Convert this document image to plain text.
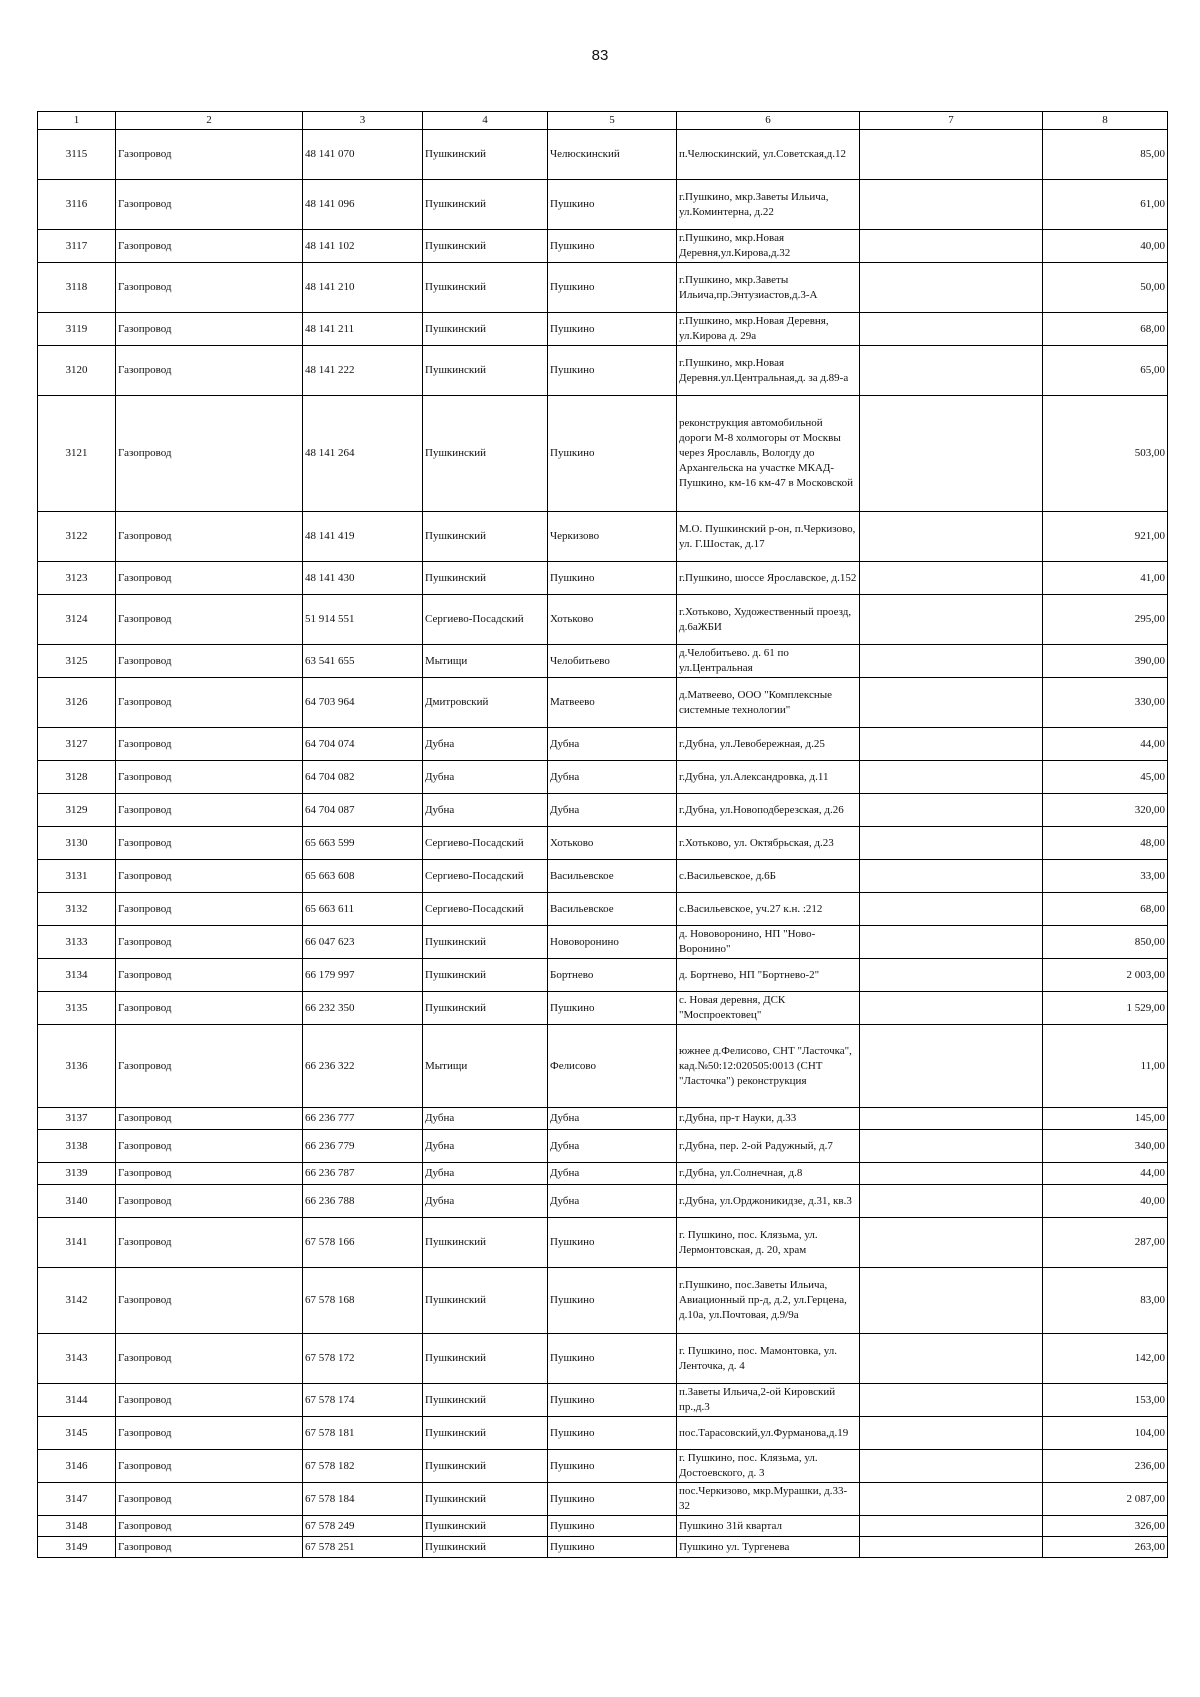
83
1	2	3	4	5	6	7	8
3115	Газопровод	48 141 070	Пушкинский	Челюскинский	п.Челюскинский, ул.Советская,д.12		85,00
3116	Газопровод	48 141 096	Пушкинский	Пушкино	г.Пушкино, мкр.Заветы Ильича, ул.Коминтерна, д.22		61,00
3117	Газопровод	48 141 102	Пушкинский	Пушкино	г.Пушкино, мкр.Новая Деревня,ул.Кирова,д.32		40,00
3118	Газопровод	48 141 210	Пушкинский	Пушкино	г.Пушкино, мкр.Заветы Ильича,пр.Энтузиастов,д.3-А		50,00
3119	Газопровод	48 141 211	Пушкинский	Пушкино	г.Пушкино, мкр.Новая Деревня, ул.Кирова д. 29а		68,00
3120	Газопровод	48 141 222	Пушкинский	Пушкино	г.Пушкино, мкр.Новая Деревня.ул.Центральная,д. за д.89-а		65,00
3121	Газопровод	48 141 264	Пушкинский	Пушкино	реконструкция автомобильной дороги М-8 холмогоры от Москвы через Ярославль, Вологду до Архангельска на участке МКАД-Пушкино, км-16 км-47 в Московской		503,00
3122	Газопровод	48 141 419	Пушкинский	Черкизово	М.О. Пушкинский р-он, п.Черкизово, ул. Г.Шостак, д.17		921,00
3123	Газопровод	48 141 430	Пушкинский	Пушкино	г.Пушкино, шоссе Ярославское, д.152		41,00
3124	Газопровод	51 914 551	Сергиево-Посадский	Хотьково	г.Хотьково, Художественный проезд, д.6аЖБИ		295,00
3125	Газопровод	63 541 655	Мытищи	Челобитьево	д.Челобитьево. д. 61 по ул.Центральная		390,00
3126	Газопровод	64 703 964	Дмитровский	Матвеево	д.Матвеево, ООО "Комплексные системные технологии"		330,00
3127	Газопровод	64 704 074	Дубна	Дубна	г.Дубна, ул.Левобережная, д.25		44,00
3128	Газопровод	64 704 082	Дубна	Дубна	г.Дубна, ул.Александровка, д.11		45,00
3129	Газопровод	64 704 087	Дубна	Дубна	г.Дубна, ул.Новоподберезская, д.26		320,00
3130	Газопровод	65 663 599	Сергиево-Посадский	Хотьково	г.Хотьково, ул. Октябрьская, д.23		48,00
3131	Газопровод	65 663 608	Сергиево-Посадский	Васильевское	с.Васильевское, д.6Б		33,00
3132	Газопровод	65 663 611	Сергиево-Посадский	Васильевское	с.Васильевское, уч.27 к.н. :212		68,00
3133	Газопровод	66 047 623	Пушкинский	Нововоронино	д. Нововоронино, НП "Ново-Воронино"		850,00
3134	Газопровод	66 179 997	Пушкинский	Бортнево	д. Бортнево, НП "Бортнево-2"		2 003,00
3135	Газопровод	66 232 350	Пушкинский	Пушкино	с. Новая деревня, ДСК "Моспроектовец"		1 529,00
3136	Газопровод	66 236 322	Мытищи	Фелисово	южнее д.Фелисово, СНТ "Ласточка", кад.№50:12:020505:0013 (СНТ "Ласточка") реконструкция		11,00
3137	Газопровод	66 236 777	Дубна	Дубна	г.Дубна, пр-т Науки, д.33		145,00
3138	Газопровод	66 236 779	Дубна	Дубна	г.Дубна, пер. 2-ой Радужный, д.7		340,00
3139	Газопровод	66 236 787	Дубна	Дубна	г.Дубна, ул.Солнечная, д.8		44,00
3140	Газопровод	66 236 788	Дубна	Дубна	г.Дубна, ул.Орджоникидзе, д.31, кв.3		40,00
3141	Газопровод	67 578 166	Пушкинский	Пушкино	г. Пушкино, пос. Клязьма, ул. Лермонтовская, д. 20, храм		287,00
3142	Газопровод	67 578 168	Пушкинский	Пушкино	г.Пушкино, пос.Заветы Ильича, Авиационный пр-д, д.2, ул.Герцена, д.10а, ул.Почтовая, д.9/9а		83,00
3143	Газопровод	67 578 172	Пушкинский	Пушкино	г. Пушкино, пос. Мамонтовка, ул. Ленточка, д. 4		142,00
3144	Газопровод	67 578 174	Пушкинский	Пушкино	п.Заветы Ильича,2-ой Кировский пр.,д.3		153,00
3145	Газопровод	67 578 181	Пушкинский	Пушкино	пос.Тарасовский,ул.Фурманова,д.19		104,00
3146	Газопровод	67 578 182	Пушкинский	Пушкино	г. Пушкино, пос. Клязьма, ул. Достоевского, д. 3		236,00
3147	Газопровод	67 578 184	Пушкинский	Пушкино	пос.Черкизово, мкр.Мурашки, д.33-32		2 087,00
3148	Газопровод	67 578 249	Пушкинский	Пушкино	Пушкино 31й квартал		326,00
3149	Газопровод	67 578 251	Пушкинский	Пушкино	Пушкино ул. Тургенева		263,00
